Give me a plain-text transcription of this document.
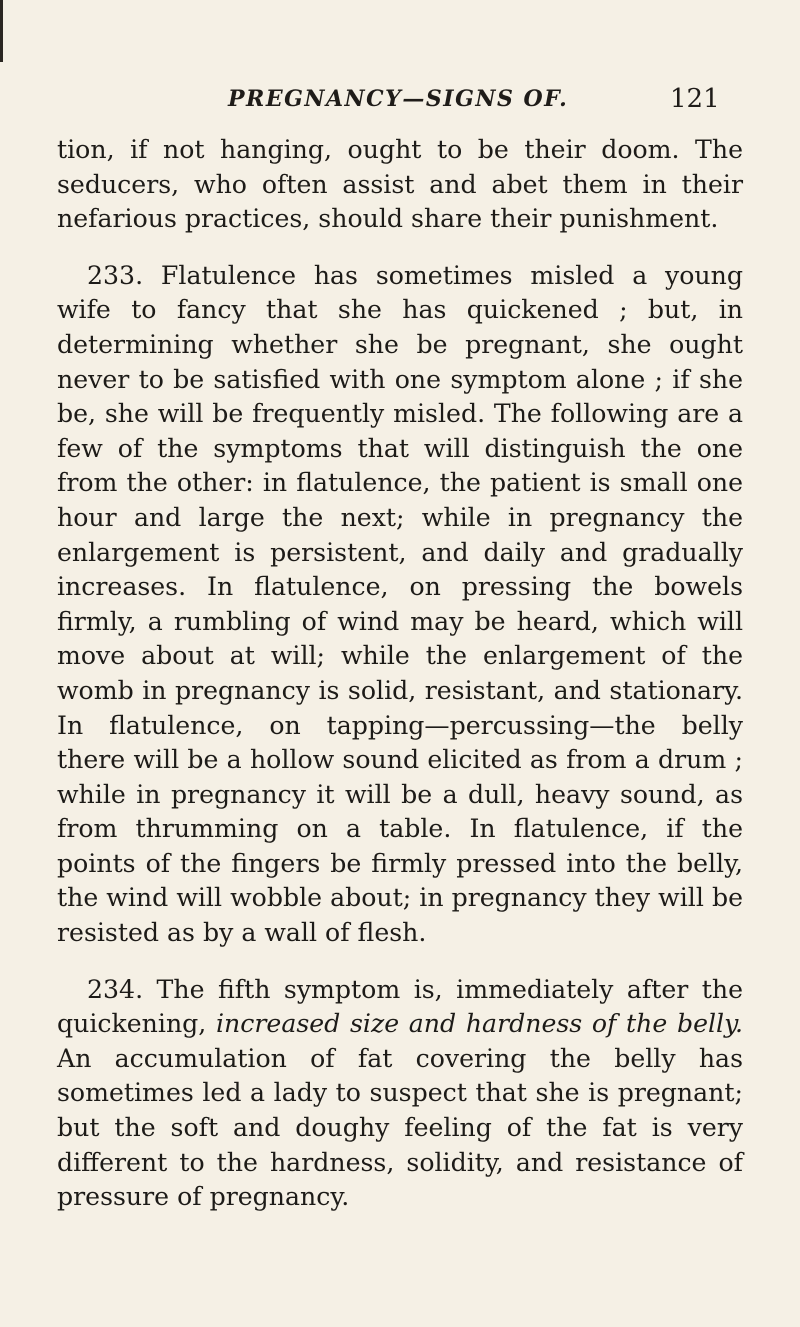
PREGNANCY—SIGNS OF.	121

tion, if not hanging, ought to be their doom. The seducers, who often assist and abet them in their nefarious practices, should share their punishment.

233. Flatulence has sometimes misled a young wife to fancy that she has quickened ; but, in determining whether she be pregnant, she ought never to be satisfied with one symptom alone ; if she be, she will be frequently misled. The following are a few of the symptoms that will distinguish the one from the other: in flatulence, the patient is small one hour and large the next; while in pregnancy the enlargement is persistent, and daily and gradually increases. In flatulence, on pressing the bowels firmly, a rumbling of wind may be heard, which will move about at will; while the enlargement of the womb in pregnancy is solid, resistant, and stationary. In flatulence, on tapping—percussing—the belly there will be a hollow sound elicited as from a drum ; while in pregnancy it will be a dull, heavy sound, as from thrumming on a table. In flatulence, if the points of the fingers be firmly pressed into the belly, the wind will wobble about; in pregnancy they will be resisted as by a wall of flesh.

234. The fifth symptom is, immediately after the quickening, increased size and hardness of the belly. An accumulation of fat covering the belly has sometimes led a lady to suspect that she is pregnant; but the soft and doughy feeling of the fat is very different to the hardness, solidity, and resistance of pressure of pregnancy.
